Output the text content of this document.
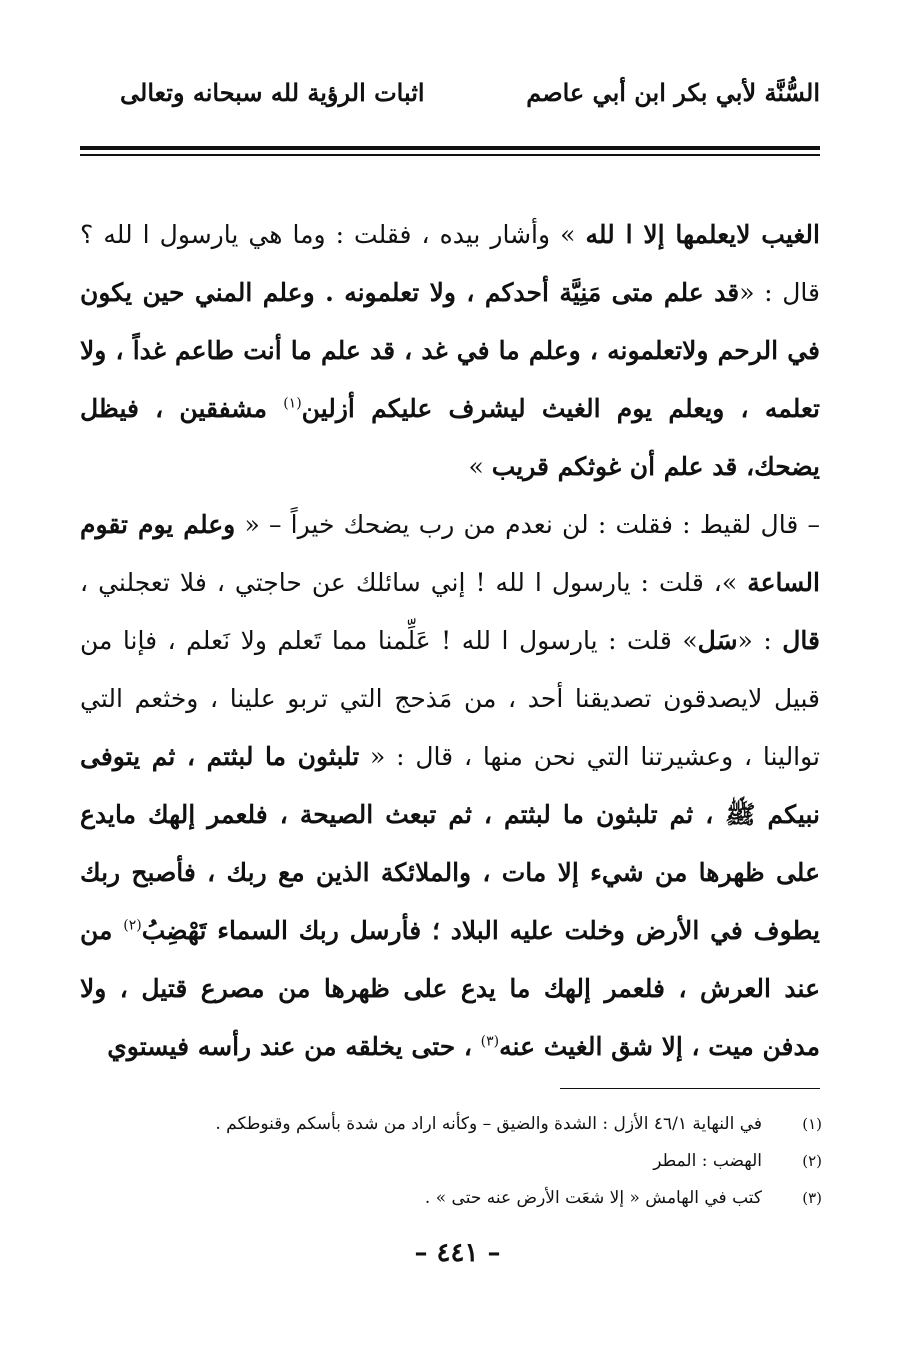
السُّنَّة لأبي بكر ابن أبي عاصم
اثبات الرؤية لله سبحانه وتعالى

الغيب لايعلمها إلا ا لله » وأشار بيده ، فقلت : وما هي يارسول ا لله ؟ قال : «قد علم متى مَنِيَّة أحدكم ، ولا تعلمونه . وعلم المني حين يكون في الرحم ولاتعلمونه ، وعلم ما في غد ، قد علم ما أنت طاعم غداً ، ولا تعلمه ، ويعلم يوم الغيث ليشرف عليكم أزلين$^{(١)}$ مشفقين ، فيظل يضحك، قد علم أن غوثكم قريب »

– قال لقيط : فقلت : لن نعدم من رب يضحك خيراً – « وعلم يوم تقوم الساعة »، قلت : يارسول ا لله ! إني سائلك عن حاجتي ، فلا تعجلني ، قال : «سَل» قلت : يارسول ا لله ! عَلِّمنا مما تَعلم ولا نَعلم ، فإنا من قبيل لايصدقون تصديقنا أحد ، من مَذحج التي تربو علينا ، وخثعم التي توالينا ، وعشيرتنا التي نحن منها ، قال : « تلبثون ما لبثتم ، ثم يتوفى نبيكم ﷺ ، ثم تلبثون ما لبثتم ، ثم تبعث الصيحة ، فلعمر إلهك مايدع على ظهرها من شيء إلا مات ، والملائكة الذين مع ربك ، فأصبح ربك يطوف في الأرض وخلت عليه البلاد ؛ فأرسل ربك السماء تَهْضِبُ$^{(٢)}$ من عند العرش ، فلعمر إلهك ما يدع على ظهرها من مصرع قتيل ، ولا مدفن ميت ، إلا شق الغيث عنه$^{(٣)}$ ، حتى يخلقه من عند رأسه فيستوي

(١)
في النهاية ٤٦/١ الأزل : الشدة والضيق – وكأنه اراد من شدة بأسكم وقنوطكم .
(٢)
الهضب : المطر
(٣)
كتب في الهامش « إلا شعَت الأرض عنه حتى » .
– ٤٤١ –
